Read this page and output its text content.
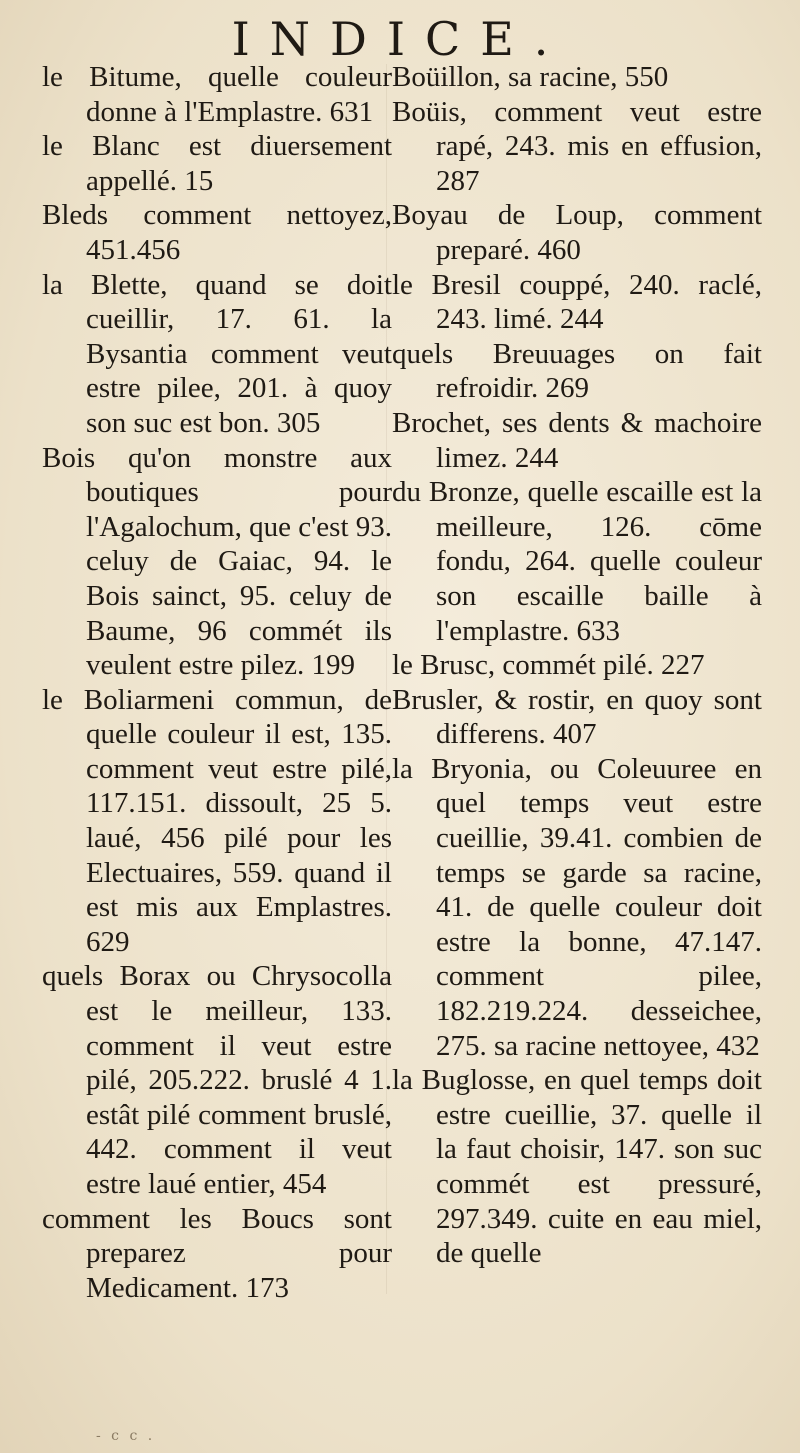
INDICE.

le Bitume, quelle couleur donne à l'Emplastre. 631

le Blanc est diuersement appellé. 15

Bleds comment nettoyez, 451.456

la Blette, quand se doit cueillir, 17. 61. la Bysantia comment veut estre pilee, 201. à quoy son suc est bon. 305

Bois qu'on monstre aux boutiques pour l'Agalochum, que c'est 93. celuy de Gaiac, 94. le Bois sainct, 95. celuy de Baume, 96 commét ils veulent estre pilez. 199

le Boliarmeni commun, de quelle couleur il est, 135. comment veut estre pilé, 117.151. dissoult, 25 5. laué, 456 pilé pour les Electuaires, 559. quand il est mis aux Emplastres. 629

quels Borax ou Chrysocolla est le meilleur, 133. comment il veut estre pilé, 205.222. bruslé 4 1. estât pilé comment bruslé, 442. comment il veut estre laué entier, 454

comment les Boucs sont preparez pour Medicament. 173

Boüillon, sa racine, 550

Boüis, comment veut estre rapé, 243. mis en effusion, 287

Boyau de Loup, comment preparé. 460

le Bresil couppé, 240. raclé, 243. limé. 244

quels Breuuages on fait refroidir. 269

Brochet, ses dents & machoire limez. 244

du Bronze, quelle escaille est la meilleure, 126. cōme fondu, 264. quelle couleur son escaille baille à l'emplastre. 633

le Brusc, commét pilé. 227

Brusler, & rostir, en quoy sont differens. 407

la Bryonia, ou Coleuuree en quel temps veut estre cueillie, 39.41. combien de temps se garde sa racine, 41. de quelle couleur doit estre la bonne, 47.147. comment pilee, 182.219.224. desseichee, 275. sa racine nettoyee, 432

la Buglosse, en quel temps doit estre cueillie, 37. quelle il la faut choisir, 147. son suc commét est pressuré, 297.349. cuite en eau miel, de quelle

- c c .
